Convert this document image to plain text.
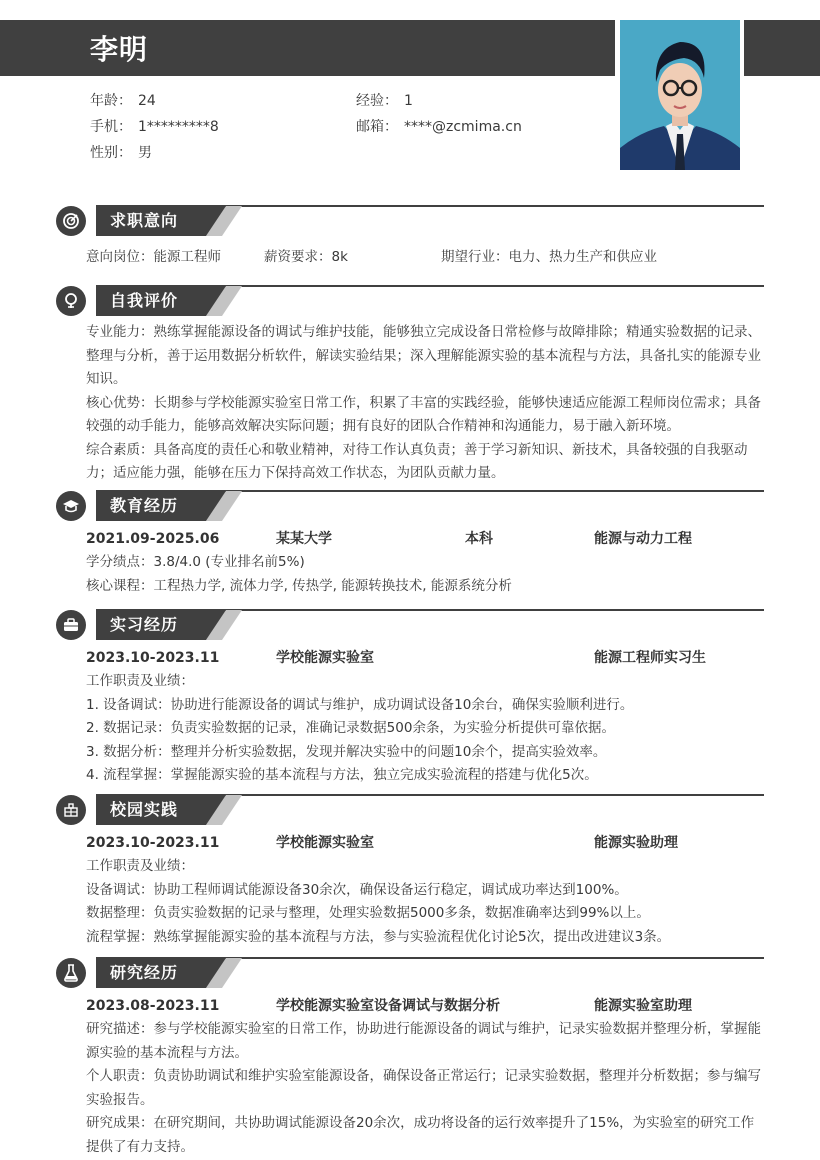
李明
年龄： 24	经验： 1
手机： 1*********8	邮箱： ****@zcmima.cn
性别： 男
求职意向
意向岗位：能源工程师	薪资要求：8k	期望行业：电力、热力生产和供应业
自我评价
专业能力：熟练掌握能源设备的调试与维护技能，能够独立完成设备日常检修与故障排除；精通实验数据的记录、整理与分析，善于运用数据分析软件，解读实验结果；深入理解能源实验的基本流程与方法，具备扎实的能源专业知识。
核心优势：长期参与学校能源实验室日常工作，积累了丰富的实践经验，能够快速适应能源工程师岗位需求；具备较强的动手能力，能够高效解决实际问题；拥有良好的团队合作精神和沟通能力，易于融入新环境。
综合素质：具备高度的责任心和敬业精神，对待工作认真负责；善于学习新知识、新技术，具备较强的自我驱动力；适应能力强，能够在压力下保持高效工作状态，为团队贡献力量。
教育经历
2021.09-2025.06	某某大学	本科	能源与动力工程
学分绩点：3.8/4.0 (专业排名前5%)
核心课程：工程热力学, 流体力学, 传热学, 能源转换技术, 能源系统分析
实习经历
2023.10-2023.11	学校能源实验室	能源工程师实习生
工作职责及业绩：
1. 设备调试：协助进行能源设备的调试与维护，成功调试设备10余台，确保实验顺利进行。
2. 数据记录：负责实验数据的记录，准确记录数据500余条，为实验分析提供可靠依据。
3. 数据分析：整理并分析实验数据，发现并解决实验中的问题10余个，提高实验效率。
4. 流程掌握：掌握能源实验的基本流程与方法，独立完成实验流程的搭建与优化5次。
校园实践
2023.10-2023.11	学校能源实验室	能源实验助理
工作职责及业绩：
设备调试：协助工程师调试能源设备30余次，确保设备运行稳定，调试成功率达到100%。
数据整理：负责实验数据的记录与整理，处理实验数据5000多条，数据准确率达到99%以上。
流程掌握：熟练掌握能源实验的基本流程与方法，参与实验流程优化讨论5次，提出改进建议3条。
研究经历
2023.08-2023.11	学校能源实验室设备调试与数据分析	能源实验室助理
研究描述：参与学校能源实验室的日常工作，协助进行能源设备的调试与维护，记录实验数据并整理分析，掌握能源实验的基本流程与方法。
个人职责：负责协助调试和维护实验室能源设备，确保设备正常运行；记录实验数据，整理并分析数据；参与编写实验报告。
研究成果：在研究期间，共协助调试能源设备20余次，成功将设备的运行效率提升了15%，为实验室的研究工作提供了有力支持。
